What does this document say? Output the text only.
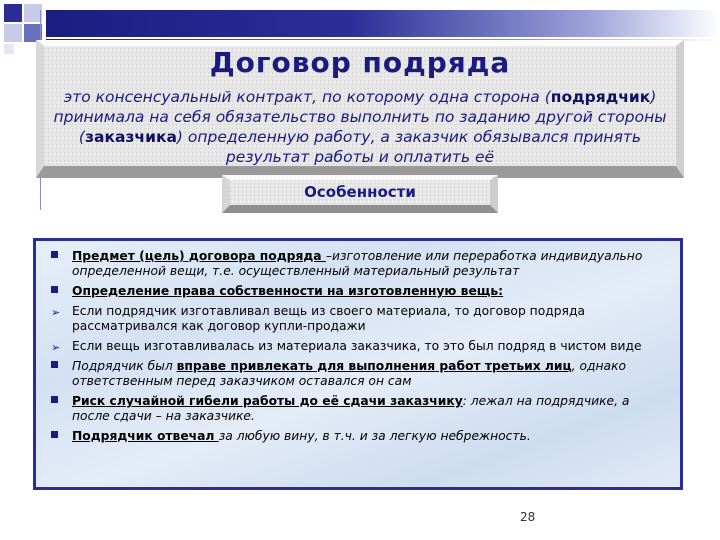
Договор подряда
это консенсуальный контракт, по которому одна сторона (подрядчик) принимала на себя обязательство выполнить по заданию другой стороны (заказчика) определенную работу, а заказчик обязывался принять результат работы и оплатить её
Особенности
Предмет (цель) договора подряда –изготовление или переработка индивидуально определенной вещи, т.е. осуществленный материальный результат
Определение права собственности на изготовленную вещь:
➢ Если подрядчик изготавливал вещь из своего материала, то договор подряда рассматривался как договор купли-продажи
➢ Если вещь изготавливалась из материала заказчика, то это был подряд в чистом виде
Подрядчик был вправе привлекать для выполнения работ третьих лиц, однако ответственным перед заказчиком оставался он сам
Риск случайной гибели работы до её сдачи заказчику: лежал на подрядчике, а после сдачи – на заказчике.
Подрядчик отвечал за любую вину, в т.ч. и за легкую небрежность.
28
